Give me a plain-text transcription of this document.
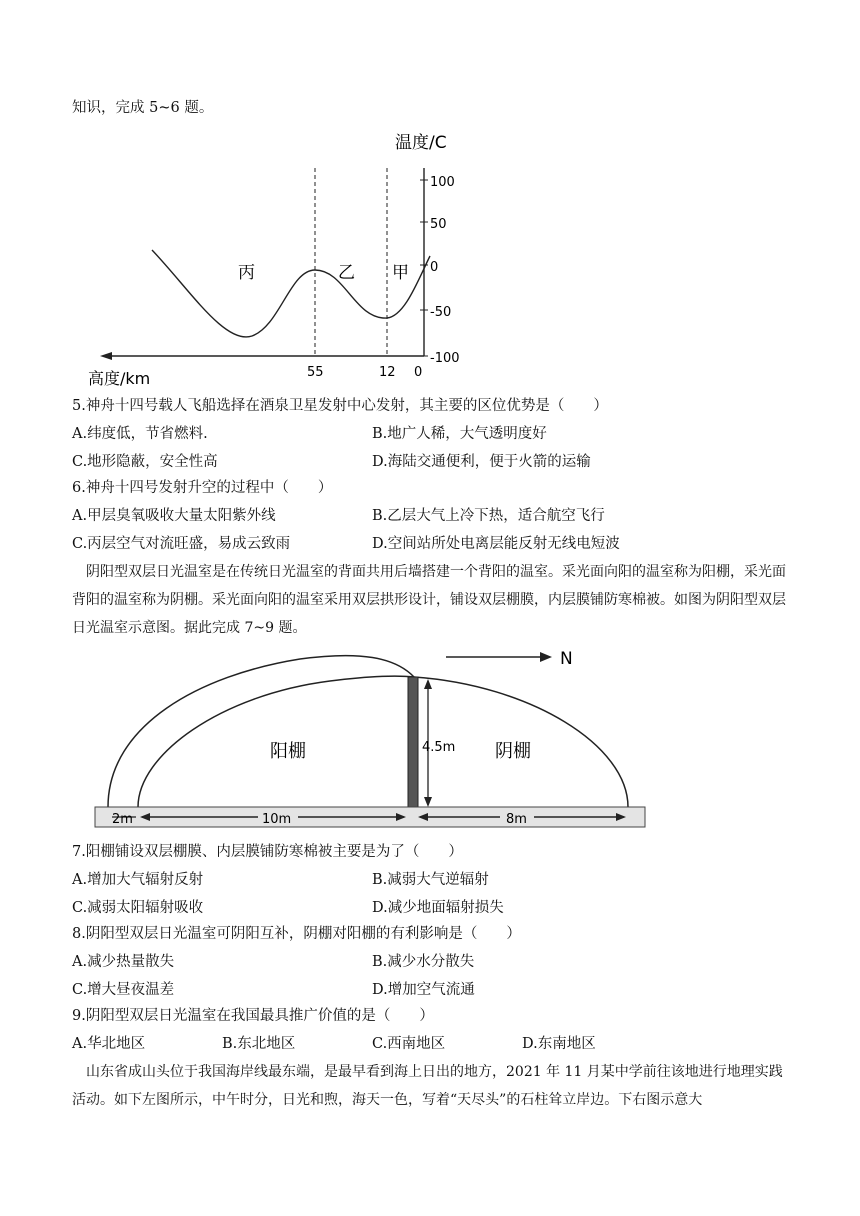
知识，完成 5~6 题。
温度/C
100
50
0
-50
-100
高度/km	55	12 0
丙	乙 甲
5.神舟十四号载人飞船选择在酒泉卫星发射中心发射，其主要的区位优势是（　　）
A.纬度低，节省燃料.	B.地广人稀，大气透明度好
C.地形隐蔽，安全性高	D.海陆交通便利，便于火箭的运输
6.神舟十四号发射升空的过程中（　　）
A.甲层臭氧吸收大量太阳紫外线	B.乙层大气上冷下热，适合航空飞行
C.丙层空气对流旺盛，易成云致雨	D.空间站所处电离层能反射无线电短波
阴阳型双层日光温室是在传统日光温室的背面共用后墙搭建一个背阳的温室。采光面向阳的温室称为阳棚，采光面背阳的温室称为阴棚。采光面向阳的温室采用双层拱形设计，铺设双层棚膜，内层膜铺防寒棉被。如图为阴阳型双层日光温室示意图。据此完成 7~9 题。
N
4.5m
阳棚	阴棚
2m	10m	8m
7.阳棚铺设双层棚膜、内层膜铺防寒棉被主要是为了（　　）
A.增加大气辐射反射	B.减弱大气逆辐射
C.减弱太阳辐射吸收	D.减少地面辐射损失
8.阴阳型双层日光温室可阴阳互补，阴棚对阳棚的有利影响是（　　）
A.减少热量散失	B.减少水分散失
C.增大昼夜温差	D.增加空气流通
9.阴阳型双层日光温室在我国最具推广价值的是（　　）
A.华北地区	B.东北地区	C.西南地区	D.东南地区
山东省成山头位于我国海岸线最东端，是最早看到海上日出的地方，2021 年 11 月某中学前往该地进行地理实践活动。如下左图所示，中午时分，日光和煦，海天一色，写着“天尽头”的石柱耸立岸边。下右图示意大
